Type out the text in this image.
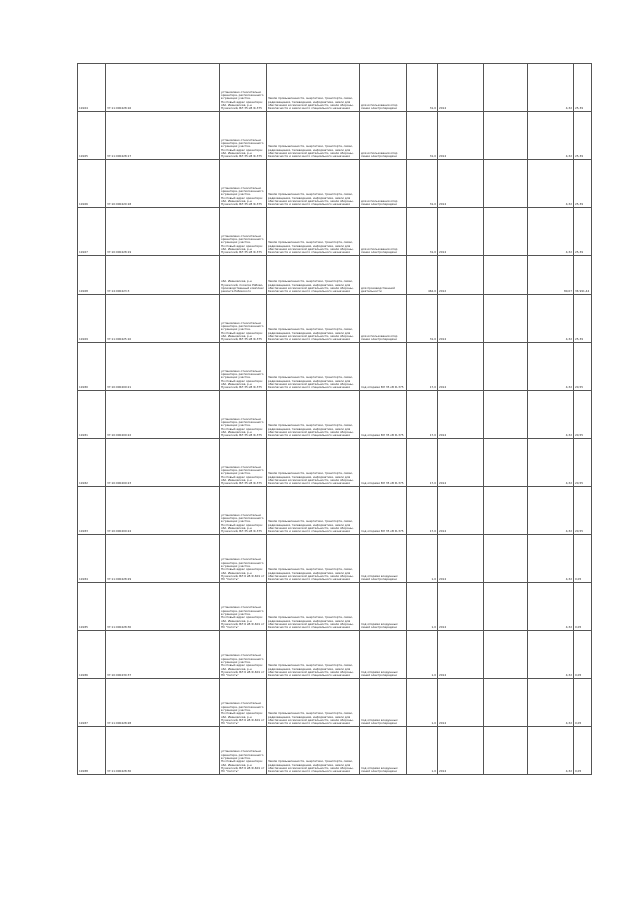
19164	37:11:000428:16	установлено относительно ориентира, расположенного в границах участка. Почтовый адрес ориентира: обл. Ивановская, р-н Пучежский, ВЛ 35 кВ Ф-375	Земли промышленности, энергетики, транспорта, связи, радиовещания, телевидения, информатики, земли для обеспечения космической деятельности, земли обороны, безопасности и земли иного специального назначения	для использования опор линии электропередачи	31,0	2014		4,32	25,39
19165	37:11:000428:17	установлено относительно ориентира, расположенного в границах участка. Почтовый адрес ориентира: обл. Ивановская, р-н Пучежский, ВЛ 35 кВ Ф-375	Земли промышленности, энергетики, транспорта, связи, радиовещания, телевидения, информатики, земли для обеспечения космической деятельности, земли обороны, безопасности и земли иного специального назначения	для использования опор линии электропередачи	31,0	2014		4,32	25,39
19166	37:10:000420:18	установлено относительно ориентира, расположенного в границах участка. Почтовый адрес ориентира: обл. Ивановская, р-н Пучежский, ВЛ 35 кВ Ф-375	Земли промышленности, энергетики, транспорта, связи, радиовещания, телевидения, информатики, земли для обеспечения космической деятельности, земли обороны, безопасности и земли иного специального назначения	для использования опор линии электропередачи	31,0	2014		4,32	25,39
19167	37:10:000428:19	установлено относительно ориентира, расположенного в границах участка. Почтовый адрес ориентира: обл. Ивановская, р-н Пучежский, ВЛ 35 кВ Ф-375	Земли промышленности, энергетики, транспорта, связи, радиовещания, телевидения, информатики, земли для обеспечения космической деятельности, земли обороны, безопасности и земли иного специального назначения	для использования опор линии электропередачи	31,0	2014		4,32	25,39
19168	37:14:000423:3	обл. Ивановская, р-н Пучежский, поселок Рябово, производственный комплекс ремонта Рябовского	Земли промышленности, энергетики, транспорта, связи, радиовещания, телевидения, информатики, земли для обеспечения космической деятельности, земли обороны, безопасности и земли иного специального назначения	для производственной деятельности	462,0	2012		80,07	36 991,44
19169	37:11:000425:10	установлено относительно ориентира, расположенного в границах участка. Почтовый адрес ориентира: обл. Ивановская, р-н Пучежский, ВЛ 35 кВ Ф-375	Земли промышленности, энергетики, транспорта, связи, радиовещания, телевидения, информатики, земли для обеспечения космической деятельности, земли обороны, безопасности и земли иного специального назначения	для использования опор линии электропередачи	31,0	2014		4,32	25,39
19180	37:10:000409:21	установлено относительно ориентира, расположенного в границах участка. Почтовый адрес ориентира: обл. Ивановская, р-н Пучежский, ВЛ 35 кВ Ф-375	Земли промышленности, энергетики, транспорта, связи, радиовещания, телевидения, информатики, земли для обеспечения космической деятельности, земли обороны, безопасности и земли иного специального назначения	под опорами ВЛ 35 кВ Ф-375	17,0	2014		4,32	20,55
19181	37:10:000409:22	установлено относительно ориентира, расположенного в границах участка. Почтовый адрес ориентира: обл. Ивановская, р-н Пучежский, ВЛ 35 кВ Ф-375	Земли промышленности, энергетики, транспорта, связи, радиовещания, телевидения, информатики, земли для обеспечения космической деятельности, земли обороны, безопасности и земли иного специального назначения	под опорами ВЛ 35 кВ Ф-375	17,0	2014		4,32	20,55
19182	37:10:000409:23	установлено относительно ориентира, расположенного в границах участка. Почтовый адрес ориентира: обл. Ивановская, р-н Пучежский, ВЛ 35 кВ Ф-375	Земли промышленности, энергетики, транспорта, связи, радиовещания, телевидения, информатики, земли для обеспечения космической деятельности, земли обороны, безопасности и земли иного специального назначения	под опорами ВЛ 35 кВ Ф-375	17,0	2014		4,32	20,55
19183	37:10:000409:24	установлено относительно ориентира, расположенного в границах участка. Почтовый адрес ориентира: обл. Ивановская, р-н Пучежский, ВЛ 35 кВ Ф-375	Земли промышленности, энергетики, транспорта, связи, радиовещания, телевидения, информатики, земли для обеспечения космической деятельности, земли обороны, безопасности и земли иного специального назначения	под опорами ВЛ 35 кВ Ф-375	17,0	2014		4,32	20,55
19184	37:11:000428:29	установлено относительно ориентира, расположенного в границах участка. Почтовый адрес ориентира: обл. Ивановская, р-н Пучежский, ВЛ 6 кВ Ф-601 от ПС "Сеготь"	Земли промышленности, энергетики, транспорта, связи, радиовещания, телевидения, информатики, земли для обеспечения космической деятельности, земли обороны, безопасности и земли иного специального назначения	под опорами воздушных линий электропередачи	1,0	2014		4,32	0,05
19185	37:11:000428:30	установлено относительно ориентира, расположенного в границах участка. Почтовый адрес ориентира: обл. Ивановская, р-н Пучежский, ВЛ 6 кВ Ф-601 от ПС "Сеготь"	Земли промышленности, энергетики, транспорта, связи, радиовещания, телевидения, информатики, земли для обеспечения космической деятельности, земли обороны, безопасности и земли иного специального назначения	под опорами воздушных линий электропередачи	1,0	2014		4,32	0,05
19186	37:10:000430:37	установлено относительно ориентира, расположенного в границах участка. Почтовый адрес ориентира: обл. Ивановская, р-н Пучежский, ВЛ 6 кВ Ф-601 от ПС "Сеготь"	Земли промышленности, энергетики, транспорта, связи, радиовещания, телевидения, информатики, земли для обеспечения космической деятельности, земли обороны, безопасности и земли иного специального назначения	под опорами воздушных линий электропередачи	1,0	2014		4,32	0,05
19187	37:11:000428:28	установлено относительно ориентира, расположенного в границах участка. Почтовый адрес ориентира: обл. Ивановская, р-н Пучежский, ВЛ 6 кВ Ф-601 от ПС "Сеготь"	Земли промышленности, энергетики, транспорта, связи, радиовещания, телевидения, информатики, земли для обеспечения космической деятельности, земли обороны, безопасности и земли иного специального назначения	под опорами воздушных линий электропередачи	1,0	2014		4,32	0,05
19188	37:11:000428:30	установлено относительно ориентира, расположенного в границах участка. Почтовый адрес ориентира: обл. Ивановская, р-н Пучежский, ВЛ 6 кВ Ф-601 от ПС "Сеготь"	Земли промышленности, энергетики, транспорта, связи, радиовещания, телевидения, информатики, земли для обеспечения космической деятельности, земли обороны, безопасности и земли иного специального назначения	под опорами воздушных линий электропередачи	1,0	2014		4,32	0,05
